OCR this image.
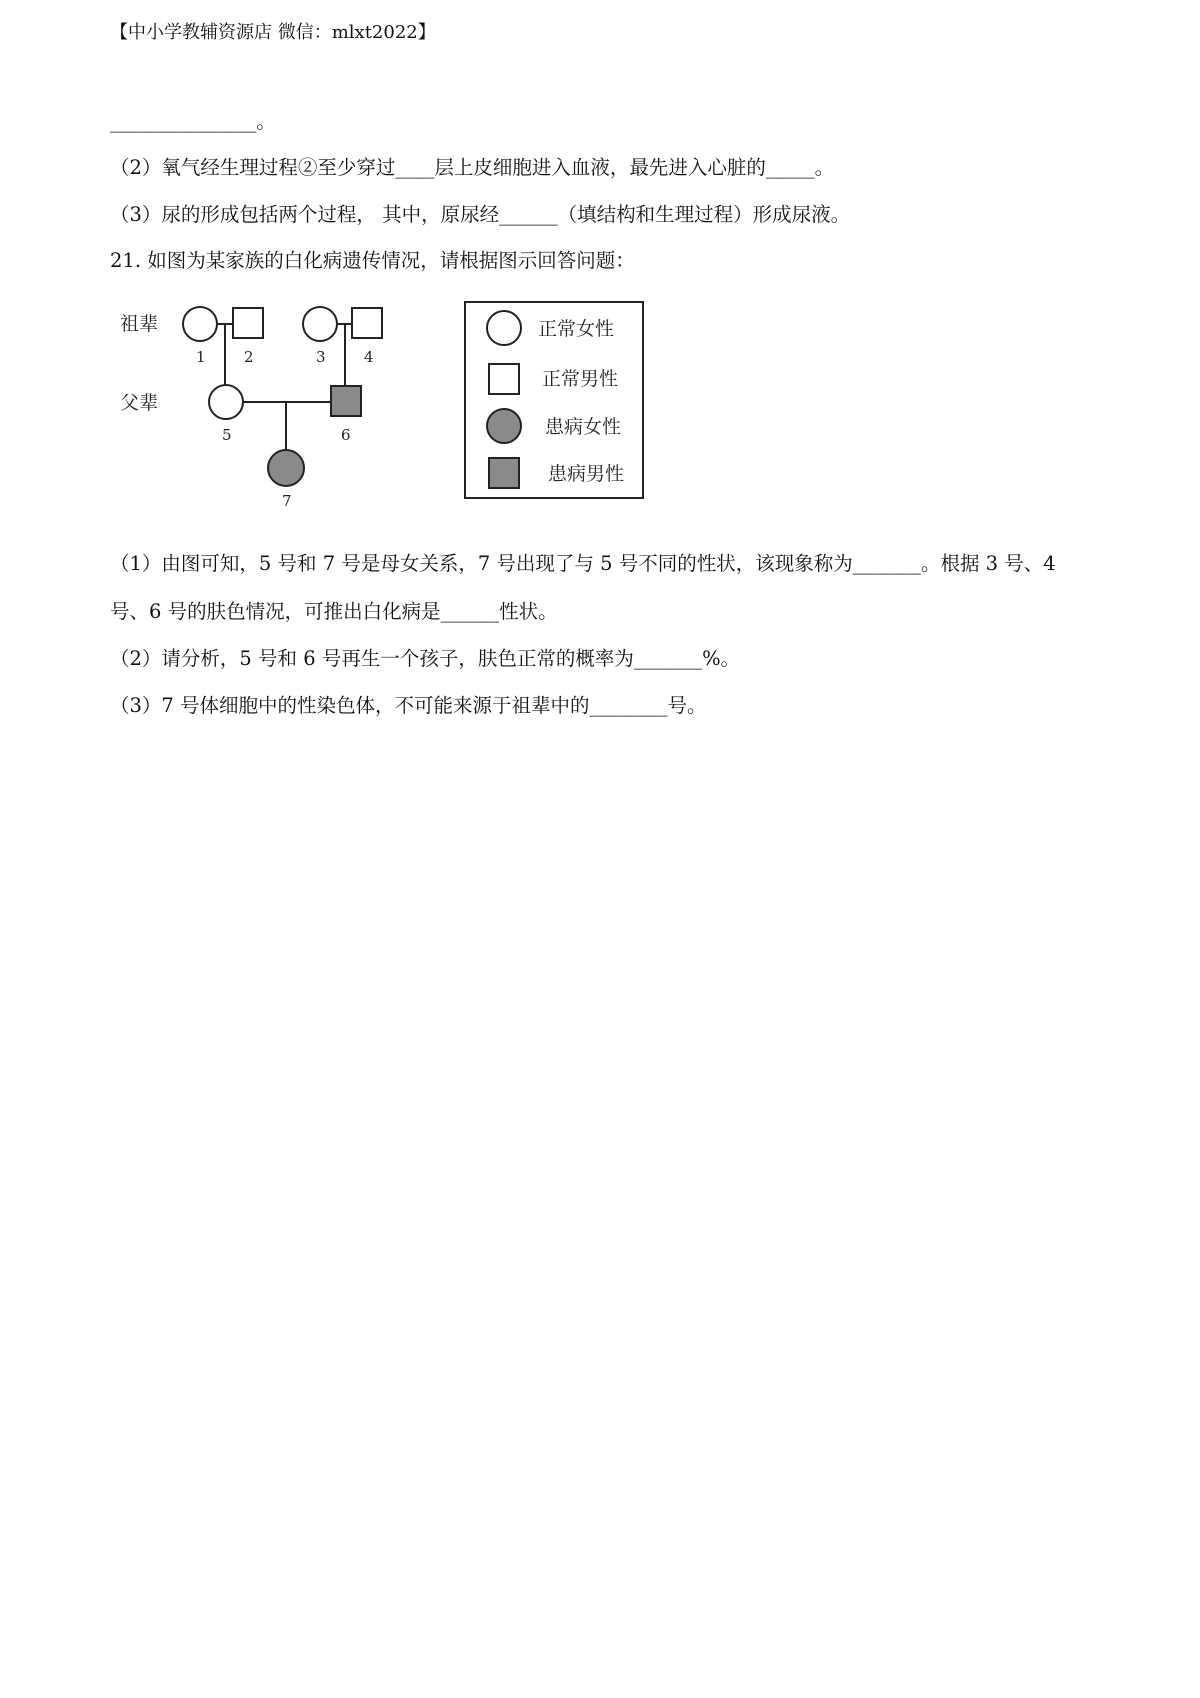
【中小学教辅资源店 微信：mlxt2022】
_______________。
（2）氧气经生理过程②至少穿过____层上皮细胞进入血液，最先进入心脏的_____。
（3）尿的形成包括两个过程， 其中，原尿经______（填结构和生理过程）形成尿液。
21. 如图为某家族的白化病遗传情况，请根据图示回答问题：
祖辈
父辈
1	2	3	4
5	6
7
正常女性
正常男性
患病女性
患病男性
（1）由图可知，5 号和 7 号是母女关系，7 号出现了与 5 号不同的性状，该现象称为_______。根据 3 号、4
号、6 号的肤色情况，可推出白化病是______性状。
（2）请分析，5 号和 6 号再生一个孩子，肤色正常的概率为_______%。
（3）7 号体细胞中的性染色体，不可能来源于祖辈中的________号。
